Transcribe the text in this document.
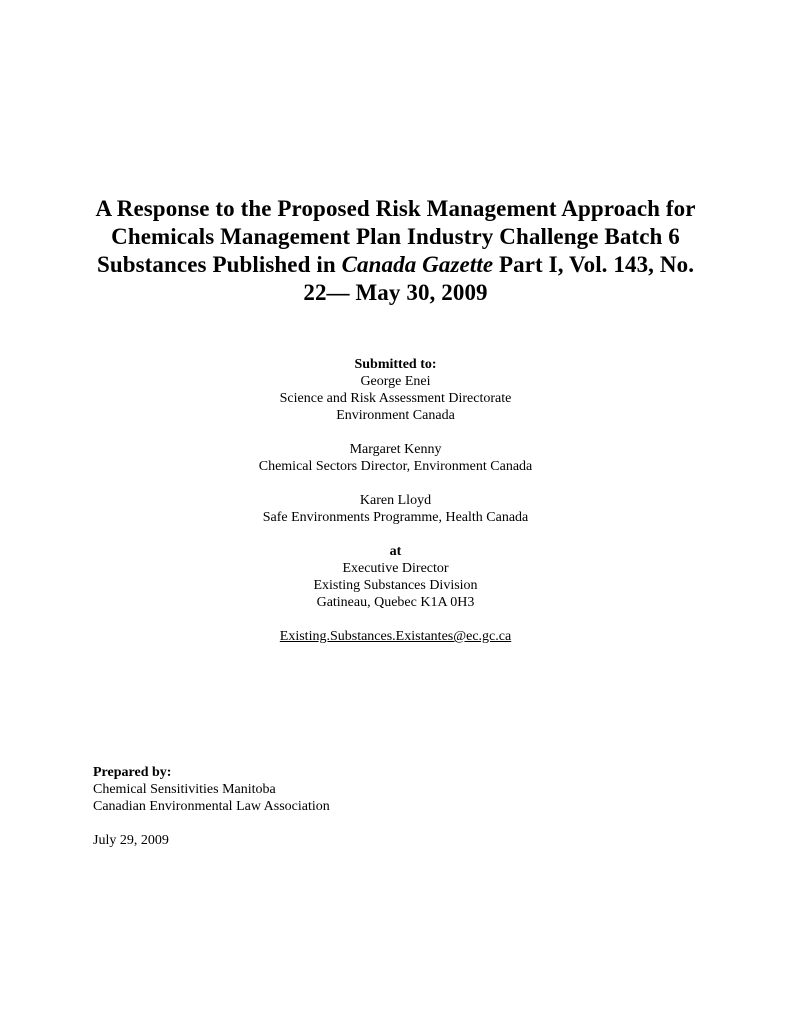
A Response to the Proposed Risk Management Approach for
Chemicals Management Plan Industry Challenge Batch 6
Substances Published in Canada Gazette Part I, Vol. 143, No.
22— May 30, 2009
Submitted to:
George Enei
Science and Risk Assessment Directorate
Environment Canada
Margaret Kenny
Chemical Sectors Director, Environment Canada
Karen Lloyd
Safe Environments Programme, Health Canada
at
Executive Director
Existing Substances Division
Gatineau, Quebec K1A 0H3
Existing.Substances.Existantes@ec.gc.ca
Prepared by:
Chemical Sensitivities Manitoba
Canadian Environmental Law Association
July 29, 2009
